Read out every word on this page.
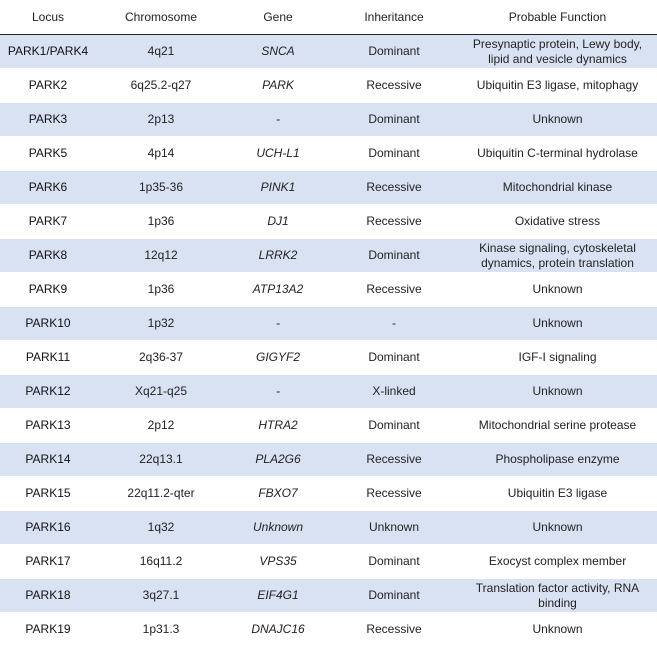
Locus	Chromosome	Gene	Inheritance	Probable Function
PARK1/PARK4	4q21	SNCA	Dominant	Presynaptic protein, Lewy body, lipid and vesicle dynamics
PARK2	6q25.2-q27	PARK	Recessive	Ubiquitin E3 ligase, mitophagy
PARK3	2p13	-	Dominant	Unknown
PARK5	4p14	UCH-L1	Dominant	Ubiquitin C-terminal hydrolase
PARK6	1p35-36	PINK1	Recessive	Mitochondrial kinase
PARK7	1p36	DJ1	Recessive	Oxidative stress
PARK8	12q12	LRRK2	Dominant	Kinase signaling, cytoskeletal dynamics, protein translation
PARK9	1p36	ATP13A2	Recessive	Unknown
PARK10	1p32	-	-	Unknown
PARK11	2q36-37	GIGYF2	Dominant	IGF-I signaling
PARK12	Xq21-q25	-	X-linked	Unknown
PARK13	2p12	HTRA2	Dominant	Mitochondrial serine protease
PARK14	22q13.1	PLA2G6	Recessive	Phospholipase enzyme
PARK15	22q11.2-qter	FBXO7	Recessive	Ubiquitin E3 ligase
PARK16	1q32	Unknown	Unknown	Unknown
PARK17	16q11.2	VPS35	Dominant	Exocyst complex member
PARK18	3q27.1	EIF4G1	Dominant	Translation factor activity, RNA binding
PARK19	1p31.3	DNAJC16	Recessive	Unknown
